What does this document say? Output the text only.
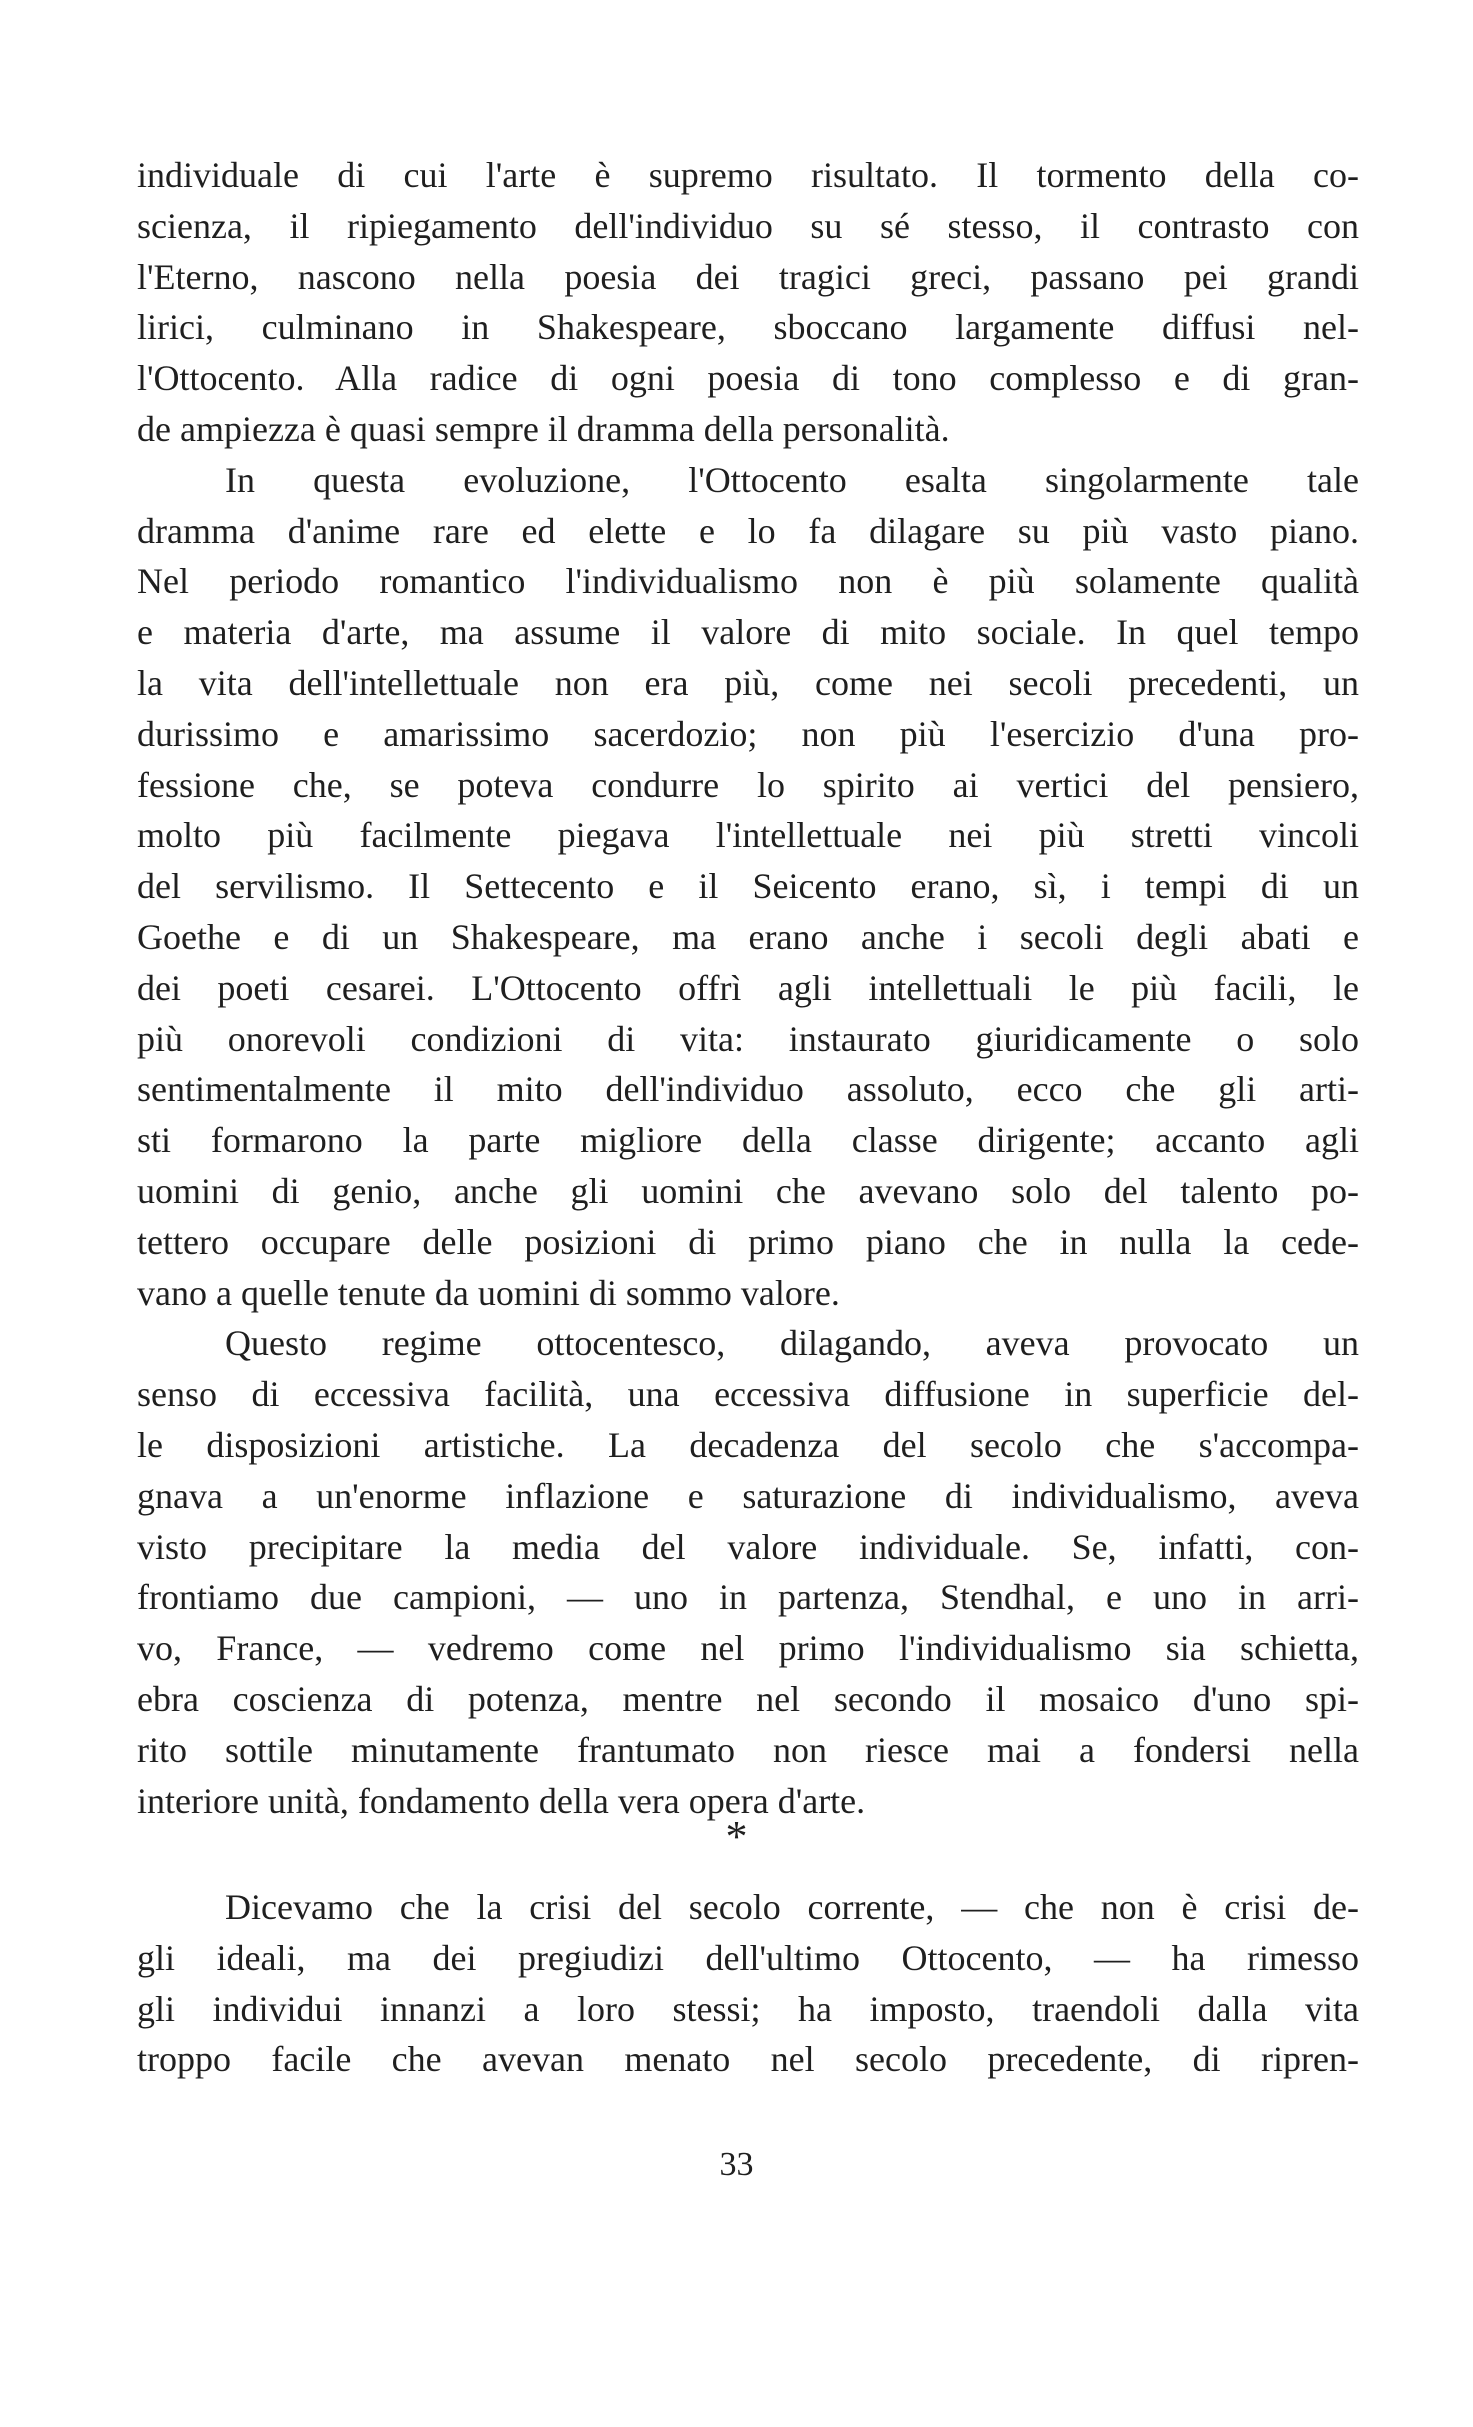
individuale di cui l'arte è supremo risultato. Il tormento della co-
scienza, il ripiegamento dell'individuo su sé stesso, il contrasto con
l'Eterno, nascono nella poesia dei tragici greci, passano pei grandi
lirici, culminano in Shakespeare, sboccano largamente diffusi nel-
l'Ottocento. Alla radice di ogni poesia di tono complesso e di gran-
de ampiezza è quasi sempre il dramma della personalità.
In questa evoluzione, l'Ottocento esalta singolarmente tale
dramma d'anime rare ed elette e lo fa dilagare su più vasto piano.
Nel periodo romantico l'individualismo non è più solamente qualità
e materia d'arte, ma assume il valore di mito sociale. In quel tempo
la vita dell'intellettuale non era più, come nei secoli precedenti, un
durissimo e amarissimo sacerdozio; non più l'esercizio d'una pro-
fessione che, se poteva condurre lo spirito ai vertici del pensiero,
molto più facilmente piegava l'intellettuale nei più stretti vincoli
del servilismo. Il Settecento e il Seicento erano, sì, i tempi di un
Goethe e di un Shakespeare, ma erano anche i secoli degli abati e
dei poeti cesarei. L'Ottocento offrì agli intellettuali le più facili, le
più onorevoli condizioni di vita: instaurato giuridicamente o solo
sentimentalmente il mito dell'individuo assoluto, ecco che gli arti-
sti formarono la parte migliore della classe dirigente; accanto agli
uomini di genio, anche gli uomini che avevano solo del talento po-
tettero occupare delle posizioni di primo piano che in nulla la cede-
vano a quelle tenute da uomini di sommo valore.
Questo regime ottocentesco, dilagando, aveva provocato un
senso di eccessiva facilità, una eccessiva diffusione in superficie del-
le disposizioni artistiche. La decadenza del secolo che s'accompa-
gnava a un'enorme inflazione e saturazione di individualismo, aveva
visto precipitare la media del valore individuale. Se, infatti, con-
frontiamo due campioni, — uno in partenza, Stendhal, e uno in arri-
vo, France, — vedremo come nel primo l'individualismo sia schietta,
ebra coscienza di potenza, mentre nel secondo il mosaico d'uno spi-
rito sottile minutamente frantumato non riesce mai a fondersi nella
interiore unità, fondamento della vera opera d'arte.
*
Dicevamo che la crisi del secolo corrente, — che non è crisi de-
gli ideali, ma dei pregiudizi dell'ultimo Ottocento, — ha rimesso
gli individui innanzi a loro stessi; ha imposto, traendoli dalla vita
troppo facile che avevan menato nel secolo precedente, di ripren-
33
